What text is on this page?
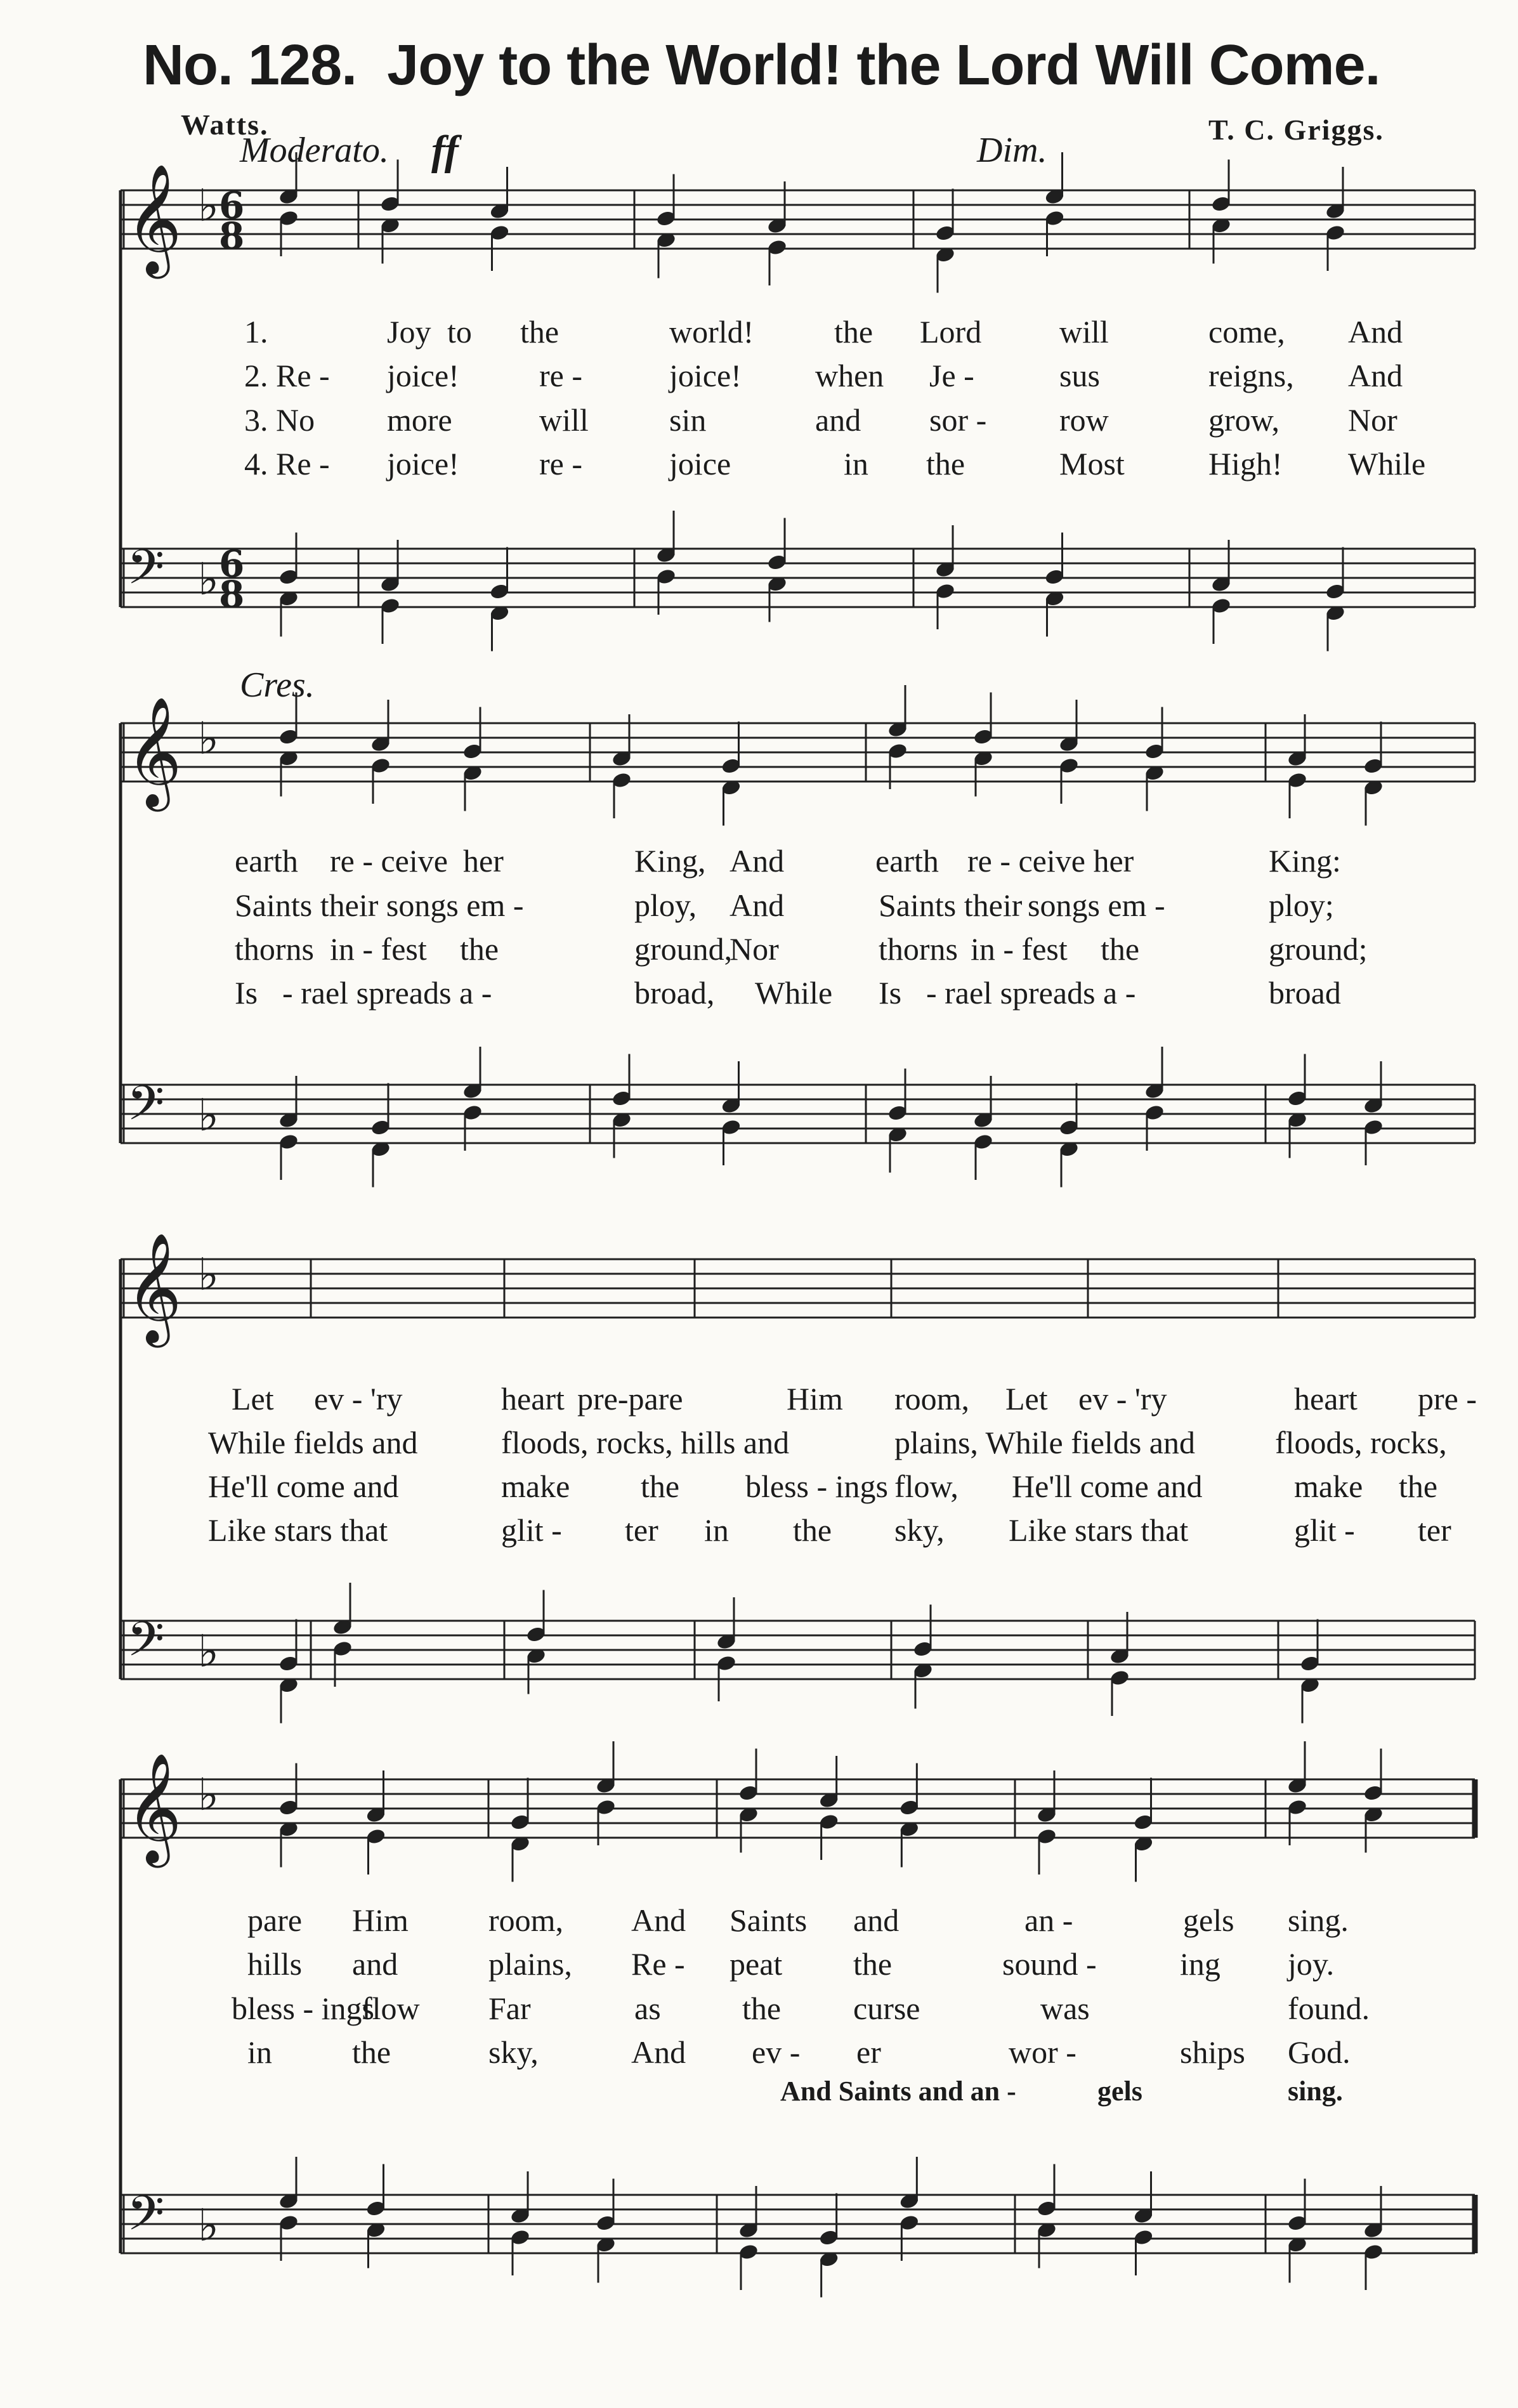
No. 128. Joy to the World! the Lord Will Come.
Watts.	T. C. Griggs.
Moderato. ff	Dim.
Cres.
𝄞 ♭ 6
8
𝄢 ♭ 6
8
𝄞 ♭
𝄢 ♭
𝄞 ♭
𝄢 ♭
𝄞 ♭
𝄢 ♭
1.
2. Re -
3. No
4. Re -
Joy to the	world!	the Lord will	come, And
joice!	re -	joice! when Je -	sus	reigns, And
more	will	sin	and sor - row	grow, Nor
joice!	re -	joice	in the	Most	High! While
earth re - ceive her	King, And	earth re - ceive her	King:
Saints their songs em -	ploy, And	Saints their songs em -	ploy;
thorns in - fest the	ground,
Nor	thorns in - fest the	ground;
Is - rael spreads a -	broad, While Is - rael spreads a -	broad
Let ev - 'ry	heart pre-pare	Him room, Let ev - 'ry	heart pre -
While fields and	floods, rocks, hills and	plains, While fields and	floods, rocks,
He'll come and	make the bless - ings flow, He'll come and	make the
Like stars that	glit - ter in the sky, Like stars that	glit - ter
pare Him	room, And Saints and	an -	gels sing.
hills and	plains, Re - peat the	sound -	ing joy.
bless - ings
flow Far	as	the curse	was	found.
in	the	sky,	And ev - er	wor -	ships God.
And Saints and an -	gels	sing.
